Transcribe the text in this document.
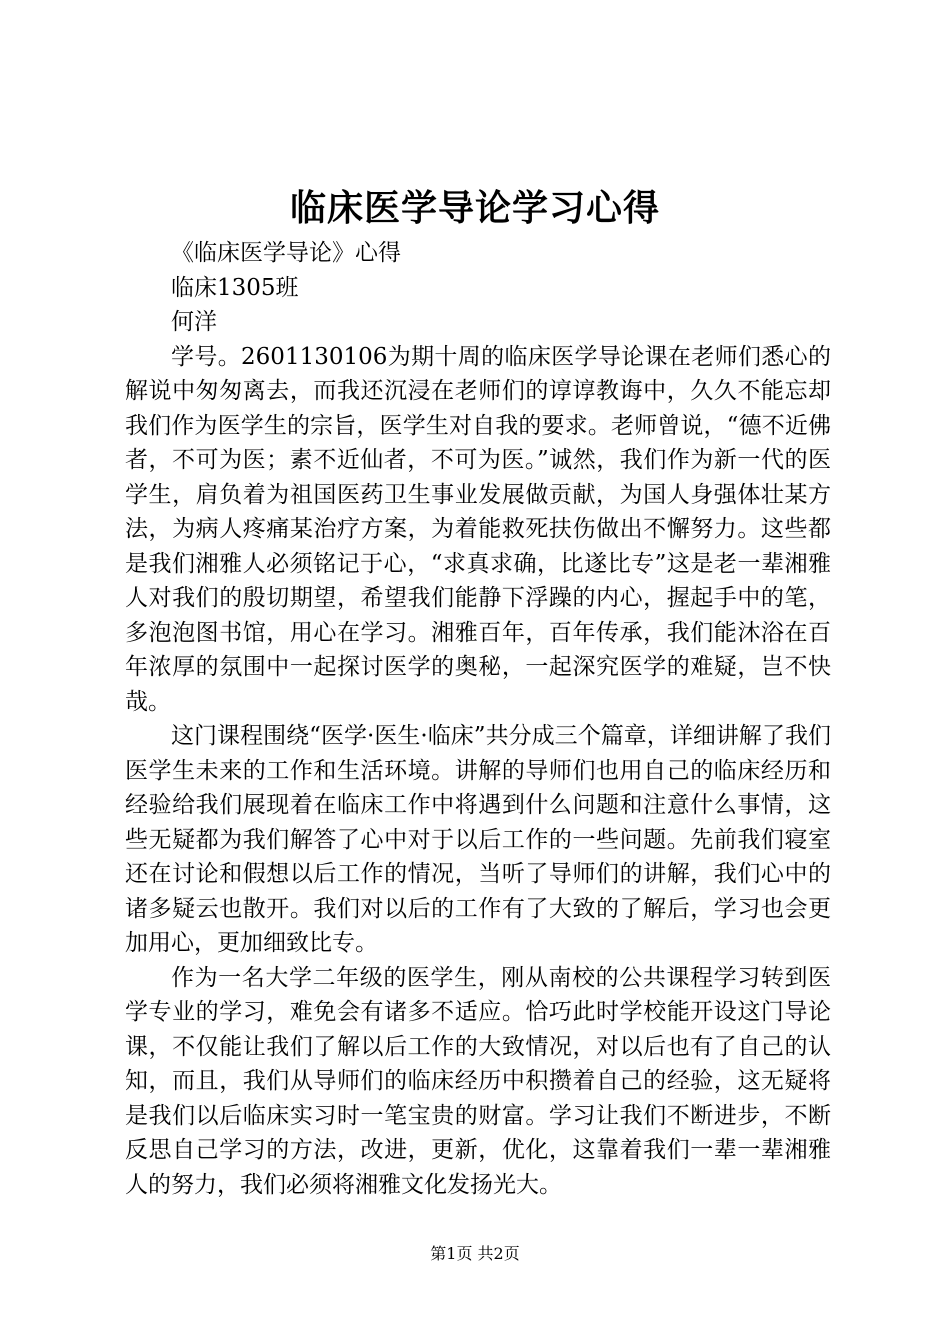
临床医学导论学习心得

《临床医学导论》心得

临床1305班

何洋

学号。2601130106为期十周的临床医学导论课在老师们悉心的解说中匆匆离去，而我还沉浸在老师们的谆谆教诲中，久久不能忘却我们作为医学生的宗旨，医学生对自我的要求。老师曾说，“德不近佛者，不可为医；素不近仙者，不可为医。”诚然，我们作为新一代的医学生，肩负着为祖国医药卫生事业发展做贡献，为国人身强体壮某方法，为病人疼痛某治疗方案，为着能救死扶伤做出不懈努力。这些都是我们湘雅人必须铭记于心，“求真求确，比遂比专”这是老一辈湘雅人对我们的殷切期望，希望我们能静下浮躁的内心，握起手中的笔，多泡泡图书馆，用心在学习。湘雅百年，百年传承，我们能沐浴在百年浓厚的氛围中一起探讨医学的奥秘，一起深究医学的难疑，岂不快哉。

这门课程围绕“医学·医生·临床”共分成三个篇章，详细讲解了我们医学生未来的工作和生活环境。讲解的导师们也用自己的临床经历和经验给我们展现着在临床工作中将遇到什么问题和注意什么事情，这些无疑都为我们解答了心中对于以后工作的一些问题。先前我们寝室还在讨论和假想以后工作的情况，当听了导师们的讲解，我们心中的诸多疑云也散开。我们对以后的工作有了大致的了解后，学习也会更加用心，更加细致比专。

作为一名大学二年级的医学生，刚从南校的公共课程学习转到医学专业的学习，难免会有诸多不适应。恰巧此时学校能开设这门导论课，不仅能让我们了解以后工作的大致情况，对以后也有了自己的认知，而且，我们从导师们的临床经历中积攒着自己的经验，这无疑将是我们以后临床实习时一笔宝贵的财富。学习让我们不断进步，不断反思自己学习的方法，改进，更新，优化，这靠着我们一辈一辈湘雅人的努力，我们必须将湘雅文化发扬光大。

第1页 共2页
